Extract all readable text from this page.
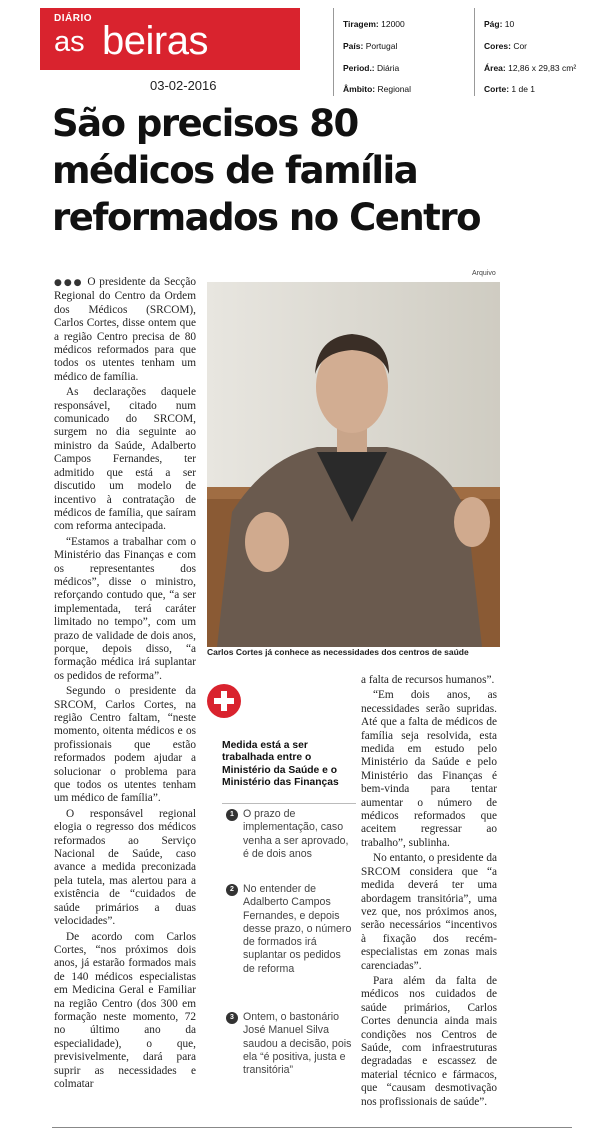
DIÁRIO
as beiras	Tiragem: 12000
País: Portugal
Period.: Diária
Âmbito: Regional
Pág: 10
Cores: Cor
Área: 12,86 x 29,83 cm²
Corte: 1 de 1
03-02-2016
São precisos 80
médicos de família
reformados no Centro

●●● O presidente da Secção Regional do Centro da Ordem dos Médicos (SRCOM), Carlos Cortes, disse ontem que a região Centro precisa de 80 médicos reformados para que todos os utentes tenham um médico de família.

As declarações daquele responsável, citado num comunicado do SRCOM, surgem no dia seguinte ao ministro da Saúde, Adalberto Campos Fernandes, ter admitido que está a ser discutido um modelo de incentivo à contratação de médicos de família, que saíram com reforma antecipada.

“Estamos a trabalhar com o Ministério das Finanças e com os representantes dos médicos”, disse o ministro, reforçando contudo que, “a ser implementada, terá caráter limitado no tempo”, com um prazo de validade de dois anos, porque, depois disso, “a formação médica irá suplantar os pedidos de reforma”.

Segundo o presidente da SRCOM, Carlos Cortes, na região Centro faltam, “neste momento, oitenta médicos e os profissionais que estão reformados podem ajudar a solucionar o problema para que todos os utentes tenham um médico de família”.

O responsável regional elogia o regresso dos médicos reformados ao Serviço Nacional de Saúde, caso avance a medida preconizada pela tutela, mas alertou para a existência de “cuidados de saúde primários a duas velocidades”.

De acordo com Carlos Cortes, “nos próximos dois anos, já estarão formados mais de 140 médicos especialistas em Medicina Geral e Familiar na região Centro (dos 300 em formação neste momento, 72 no último ano da especialidade), o que, previsivelmente, dará para suprir as necessidades e colmatar

Arquivo
Carlos Cortes já conhece as necessidades dos centros de saúde
Medida está a ser trabalhada entre o Ministério da Saúde e o Ministério das Finanças
1 O prazo de implementação, caso venha a ser aprovado, é de dois anos
2 No entender de Adalberto Campos Fernandes, e depois desse prazo, o número de formados irá suplantar os pedidos de reforma
3 Ontem, o bastonário José Manuel Silva saudou a decisão, pois ela “é positiva, justa e transitória”

a falta de recursos humanos”.

“Em dois anos, as necessidades serão supridas. Até que a falta de médicos de família seja resolvida, esta medida em estudo pelo Ministério da Saúde e pelo Ministério das Finanças é bem-vinda para tentar aumentar o número de médicos reformados que aceitem regressar ao trabalho”, sublinha.

No entanto, o presidente da SRCOM considera que “a medida deverá ter uma abordagem transitória”, uma vez que, nos próximos anos, serão necessários “incentivos à fixação dos recém-especialistas em zonas mais carenciadas”.

Para além da falta de médicos nos cuidados de saúde primários, Carlos Cortes denuncia ainda mais condições nos Centros de Saúde, com infraestruturas degradadas e escassez de material técnico e fármacos, que “causam desmotivação nos profissionais de saúde”.
